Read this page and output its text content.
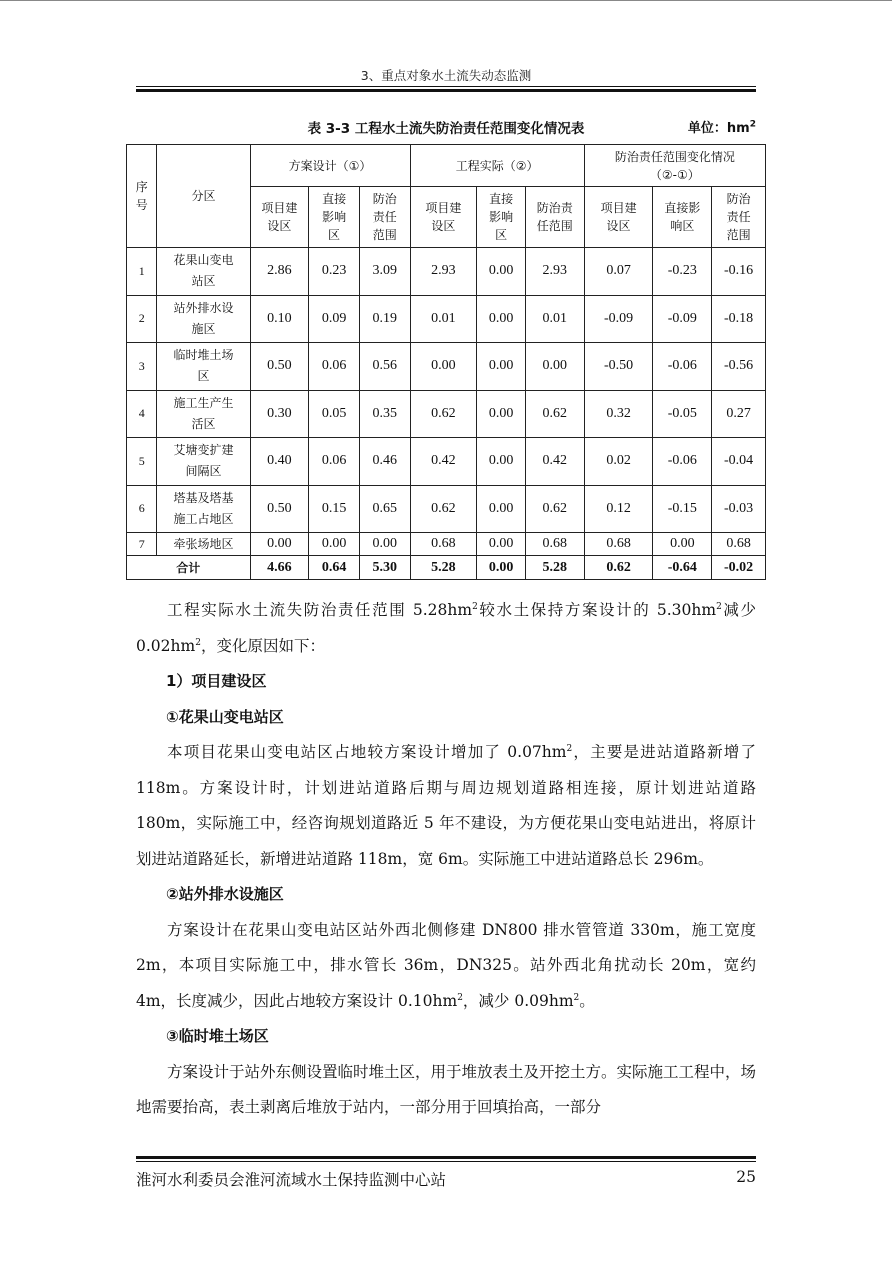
3、重点对象水土流失动态监测
表 3-3 工程水土流失防治责任范围变化情况表	单位：$hm^2$
序号	分区	方案设计（①）			工程实际（②）			防治责任范围变化情况
（②-①）		

		项目建设区	直接影响区	防治责任范围	项目建设区	直接影响区	防治责任范围	项目建设区	直接影响区	防治责任范围
1	花果山变电站区	2.86	0.23	3.09	2.93	0.00	2.93	0.07	-0.23	-0.16
2	站外排水设施区	0.10	0.09	0.19	0.01	0.00	0.01	-0.09	-0.09	-0.18
3	临时堆土场区	0.50	0.06	0.56	0.00	0.00	0.00	-0.50	-0.06	-0.56
4	施工生产生活区	0.30	0.05	0.35	0.62	0.00	0.62	0.32	-0.05	0.27
5	艾塘变扩建间隔区	0.40	0.06	0.46	0.42	0.00	0.42	0.02	-0.06	-0.04
6	塔基及塔基施工占地区	0.50	0.15	0.65	0.62	0.00	0.62	0.12	-0.15	-0.03
7	牵张场地区	0.00	0.00	0.00	0.68	0.00	0.68	0.68	0.00	0.68
合计		4.66	0.64	5.30	5.28	0.00	5.28	0.62	-0.64	-0.02

工程实际水土流失防治责任范围 $5.28hm^2$较水土保持方案设计的 $5.30hm^2$减少 $0.02hm^2$，变化原因如下：

1）项目建设区

①花果山变电站区

本项目花果山变电站区占地较方案设计增加了 $0.07hm^2$，主要是进站道路新增了 118m。方案设计时，计划进站道路后期与周边规划道路相连接，原计划进站道路 180m，实际施工中，经咨询规划道路近 5 年不建设，为方便花果山变电站进出，将原计划进站道路延长，新增进站道路 118m，宽 6m。实际施工中进站道路总长 296m。

②站外排水设施区

方案设计在花果山变电站区站外西北侧修建 DN800 排水管管道 330m，施工宽度 2m，本项目实际施工中，排水管长 36m，DN325。站外西北角扰动长 20m，宽约 4m，长度减少，因此占地较方案设计 $0.10hm^2$，减少 $0.09hm^2$。

③临时堆土场区

方案设计于站外东侧设置临时堆土区，用于堆放表土及开挖土方。实际施工工程中，场地需要抬高，表土剥离后堆放于站内，一部分用于回填抬高，一部分

淮河水利委员会淮河流域水土保持监测中心站	25
